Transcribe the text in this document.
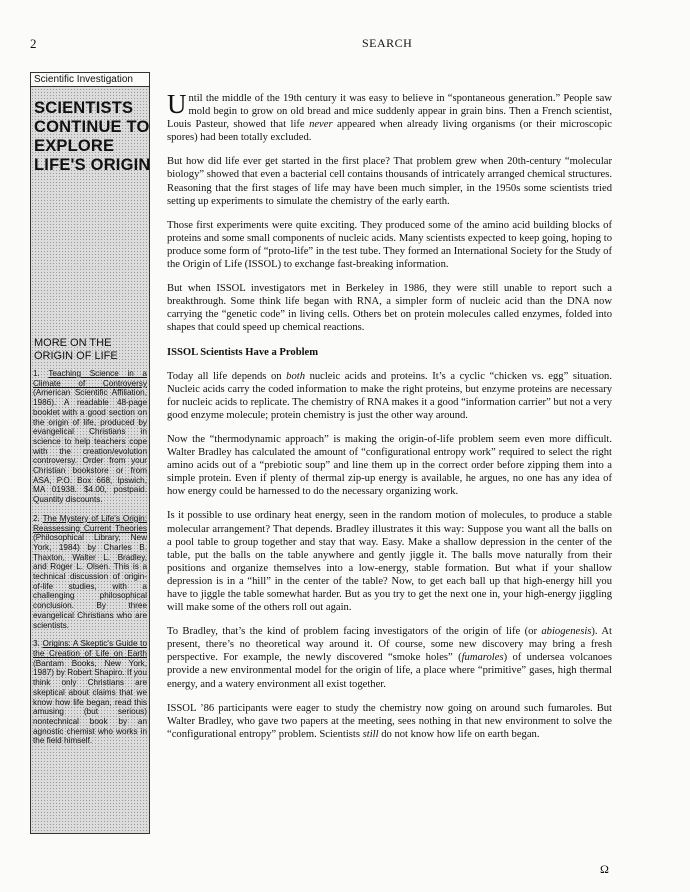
2	SEARCH
Scientific Investigation
SCIENTISTS
CONTINUE TO
EXPLORE
LIFE'S ORIGIN
MORE ON THE
ORIGIN OF LIFE
1. Teaching Science in a Climate of Controversy (American Scientific Affiliation, 1986). A readable 48-page booklet with a good section on the origin of life, produced by evangelical Christians in science to help teachers cope with the creation/evolution controversy. Order from your Christian bookstore or from ASA, P.O. Box 668, Ipswich, MA 01938. $4.00, postpaid. Quantity discounts.
2. The Mystery of Life's Origin: Reassessing Current Theories (Philosophical Library, New York, 1984) by Charles B. Thaxton, Walter L. Bradley, and Roger L. Olsen. This is a technical discussion of origin-of-life studies, with a challenging philosophical conclusion. By three evangelical Christians who are scientists.
3. Origins: A Skeptic's Guide to the Creation of Life on Earth (Bantam Books, New York, 1987) by Robert Shapiro. If you think only Christians are skeptical about claims that we know how life began, read this amusing (but serious) nontechnical book by an agnostic chemist who works in the field himself.

Until the middle of the 19th century it was easy to believe in “spontaneous generation.” People saw mold begin to grow on old bread and mice suddenly appear in grain bins. Then a French scientist, Louis Pasteur, showed that life never appeared when already living organisms (or their microscopic spores) had been totally excluded.

But how did life ever get started in the first place? That problem grew when 20th-century “molecular biology” showed that even a bacterial cell contains thousands of intricately arranged chemical structures. Reasoning that the first stages of life may have been much simpler, in the 1950s some scientists tried setting up experiments to simulate the chemistry of the early earth.

Those first experiments were quite exciting. They produced some of the amino acid building blocks of proteins and some small components of nucleic acids. Many scientists expected to keep going, hoping to produce some form of “proto-life” in the test tube. They formed an International Society for the Study of the Origin of Life (ISSOL) to exchange fast-breaking information.

But when ISSOL investigators met in Berkeley in 1986, they were still unable to report such a breakthrough. Some think life began with RNA, a simpler form of nucleic acid than the DNA now carrying the “genetic code” in living cells. Others bet on protein molecules called enzymes, folded into shapes that could speed up chemical reactions.

ISSOL Scientists Have a Problem

Today all life depends on both nucleic acids and proteins. It’s a cyclic “chicken vs. egg” situation. Nucleic acids carry the coded information to make the right proteins, but enzyme proteins are necessary for nucleic acids to replicate. The chemistry of RNA makes it a good “information carrier” but not a very good enzyme molecule; protein chemistry is just the other way around.

Now the “thermodynamic approach” is making the origin-of-life problem seem even more difficult. Walter Bradley has calculated the amount of “configurational entropy work” required to select the right amino acids out of a “prebiotic soup” and line them up in the correct order before zipping them into a simple protein. Even if plenty of thermal zip-up energy is available, he argues, no one has any idea of how energy could be harnessed to do the necessary organizing work.

Is it possible to use ordinary heat energy, seen in the random motion of molecules, to produce a stable molecular arrangement? That depends. Bradley illustrates it this way: Suppose you want all the balls on a pool table to group together and stay that way. Easy. Make a shallow depression in the center of the table, put the balls on the table anywhere and gently jiggle it. The balls move naturally from their positions and organize themselves into a low-energy, stable formation. But what if your shallow depression is in a “hill” in the center of the table? Now, to get each ball up that high-energy hill you have to jiggle the table somewhat harder. But as you try to get the next one in, your high-energy jiggling will make some of the others roll out again.

To Bradley, that’s the kind of problem facing investigators of the origin of life (or abiogenesis). At present, there’s no theoretical way around it. Of course, some new discovery may bring a fresh perspective. For example, the newly discovered “smoke holes” (fumaroles) of undersea volcanoes provide a new environmental model for the origin of life, a place where “primitive” gases, high thermal energy, and a watery environment all exist together.

ISSOL ’86 participants were eager to study the chemistry now going on around such fumaroles. But Walter Bradley, who gave two papers at the meeting, sees nothing in that new environment to solve the “configurational entropy” problem. Scientists still do not know how life on earth began.

Ω
